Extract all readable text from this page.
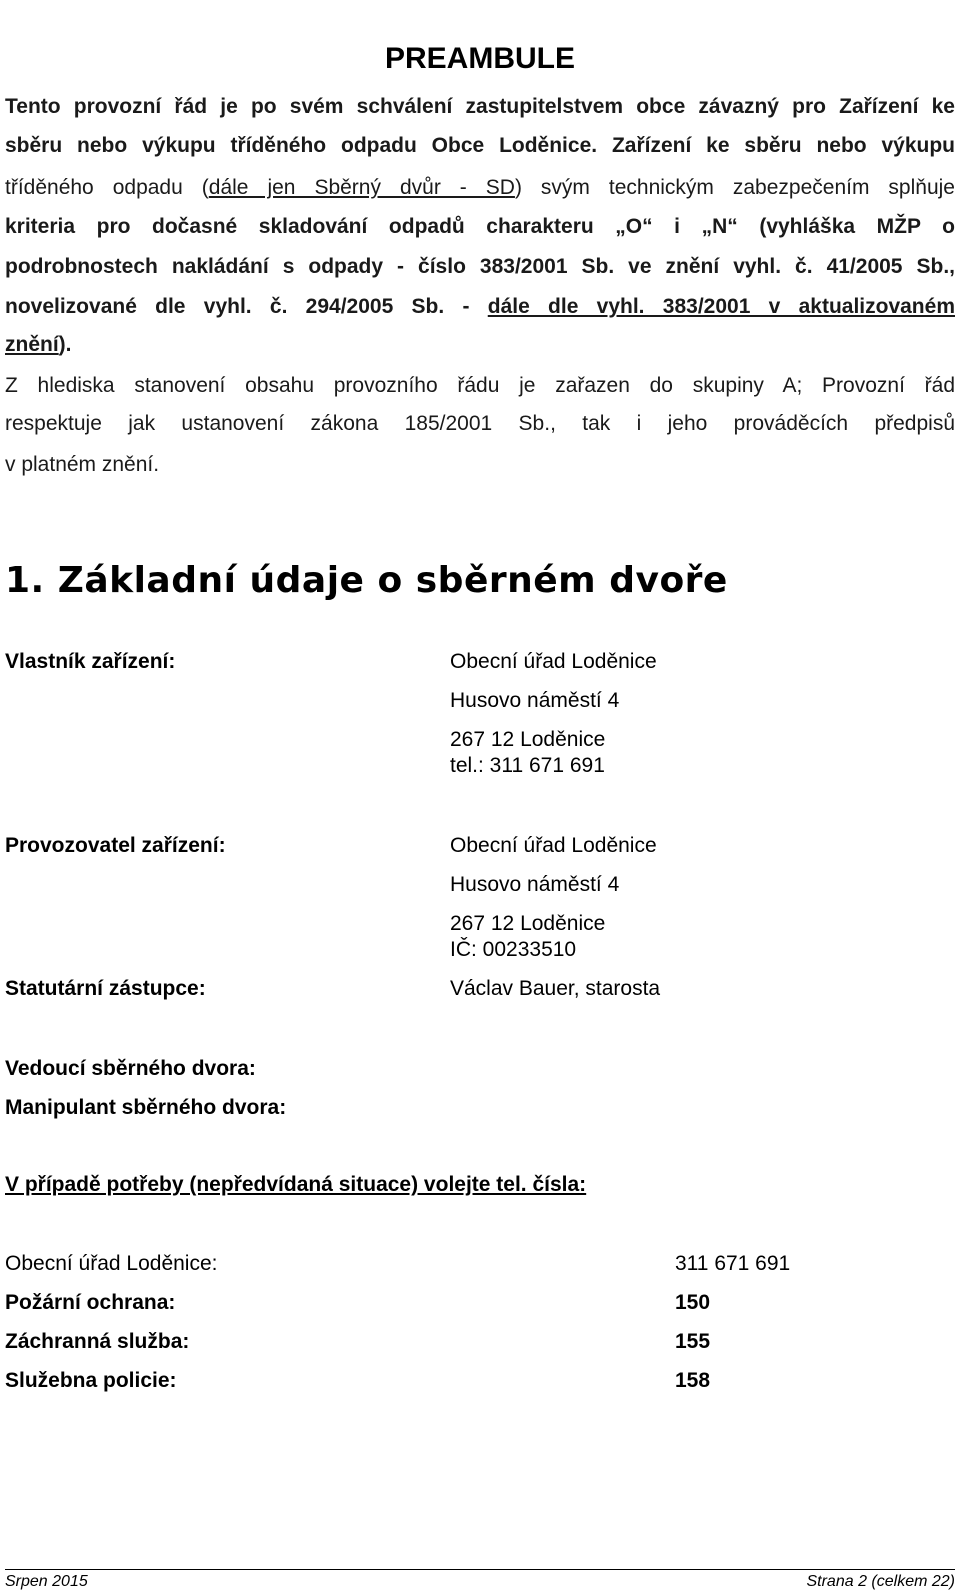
PREAMBULE
Tento provozní řád je po svém schválení zastupitelstvem obce závazný pro Zařízení ke
sběru nebo výkupu tříděného odpadu Obce Loděnice. Zařízení ke sběru nebo výkupu
tříděného odpadu (dále jen Sběrný dvůr - SD) svým technickým zabezpečením splňuje
kriteria pro dočasné skladování odpadů charakteru „O“ i „N“ (vyhláška MŽP o
podrobnostech nakládání s odpady - číslo 383/2001 Sb. ve znění vyhl. č. 41/2005 Sb.,
novelizované dle vyhl. č. 294/2005 Sb. - dále dle vyhl. 383/2001 v aktualizovaném
znění).
Z hlediska stanovení obsahu provozního řádu je zařazen do skupiny A; Provozní řád
respektuje jak ustanovení zákona 185/2001 Sb., tak i jeho prováděcích předpisů
v platném znění.
1. Základní údaje o sběrném dvoře
Vlastník zařízení:	Obecní úřad Loděnice
Husovo náměstí 4
267 12 Loděnice
tel.: 311 671 691
Provozovatel zařízení:	Obecní úřad Loděnice
Husovo náměstí 4
267 12 Loděnice
IČ: 00233510
Statutární zástupce:	Václav Bauer, starosta
Vedoucí sběrného dvora:
Manipulant sběrného dvora:
V případě potřeby (nepředvídaná situace) volejte tel. čísla:
Obecní úřad Loděnice:	311 671 691
Požární ochrana:	150
Záchranná služba:	155
Služebna policie:	158
Srpen 2015	Strana 2 (celkem 22)
